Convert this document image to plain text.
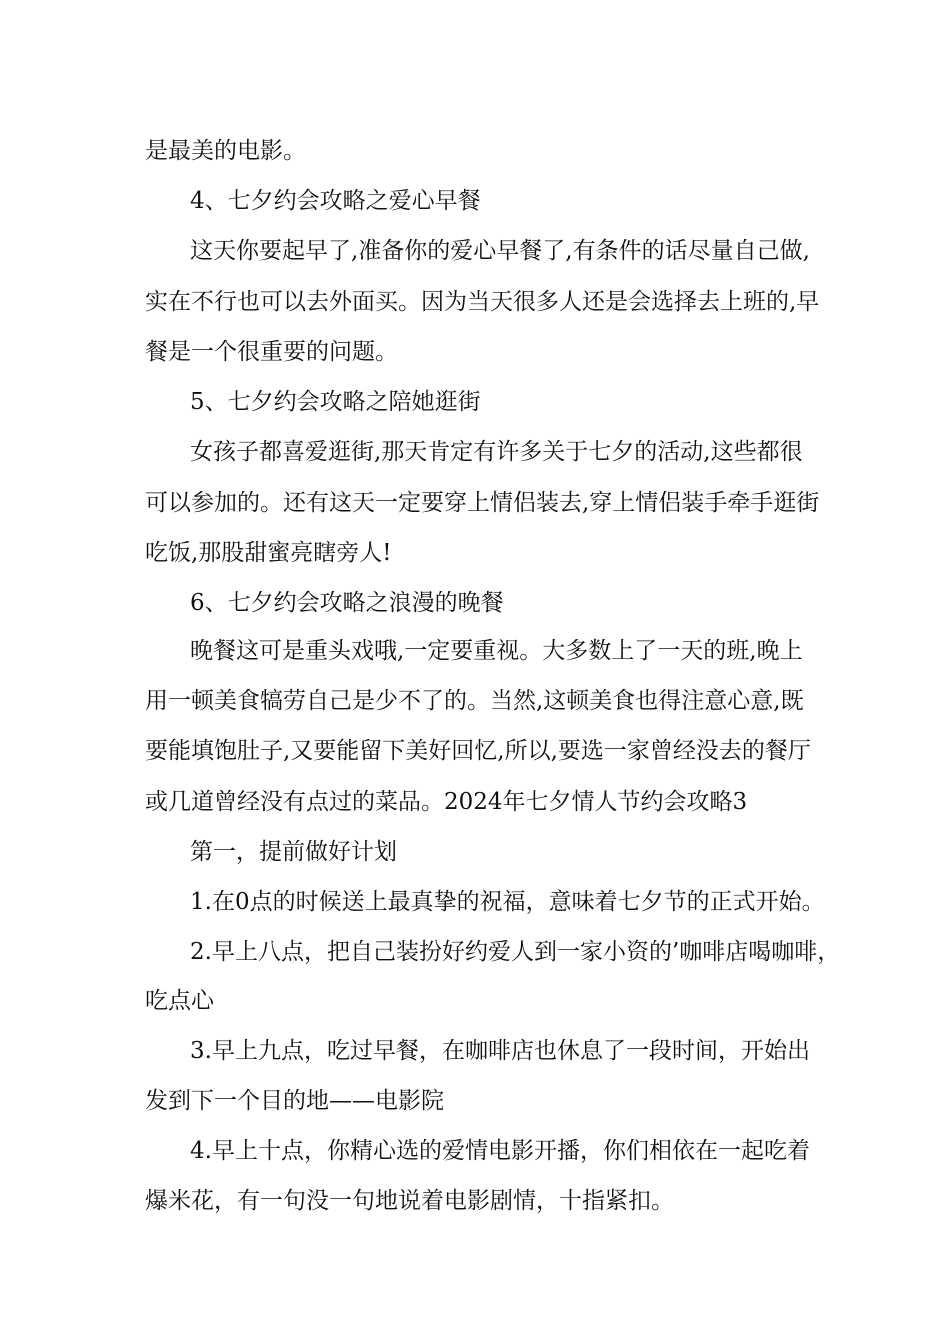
是最美的电影。
4、七夕约会攻略之爱心早餐
这天你要起早了,准备你的爱心早餐了,有条件的话尽量自己做,
实在不行也可以去外面买。因为当天很多人还是会选择去上班的,早
餐是一个很重要的问题。
5、七夕约会攻略之陪她逛街
女孩子都喜爱逛街,那天肯定有许多关于七夕的活动,这些都很
可以参加的。还有这天一定要穿上情侣装去,穿上情侣装手牵手逛街
吃饭,那股甜蜜亮瞎旁人!
6、七夕约会攻略之浪漫的晚餐
晚餐这可是重头戏哦,一定要重视。大多数上了一天的班,晚上
用一顿美食犒劳自己是少不了的。当然,这顿美食也得注意心意,既
要能填饱肚子,又要能留下美好回忆,所以,要选一家曾经没去的餐厅
或几道曾经没有点过的菜品。2024年七夕情人节约会攻略3
第一，提前做好计划
1.在0点的时候送上最真挚的祝福，意味着七夕节的正式开始。
2.早上八点，把自己装扮好约爱人到一家小资的’咖啡店喝咖啡，
吃点心
3.早上九点，吃过早餐，在咖啡店也休息了一段时间，开始出
发到下一个目的地——电影院
4.早上十点，你精心选的爱情电影开播，你们相依在一起吃着
爆米花，有一句没一句地说着电影剧情，十指紧扣。
